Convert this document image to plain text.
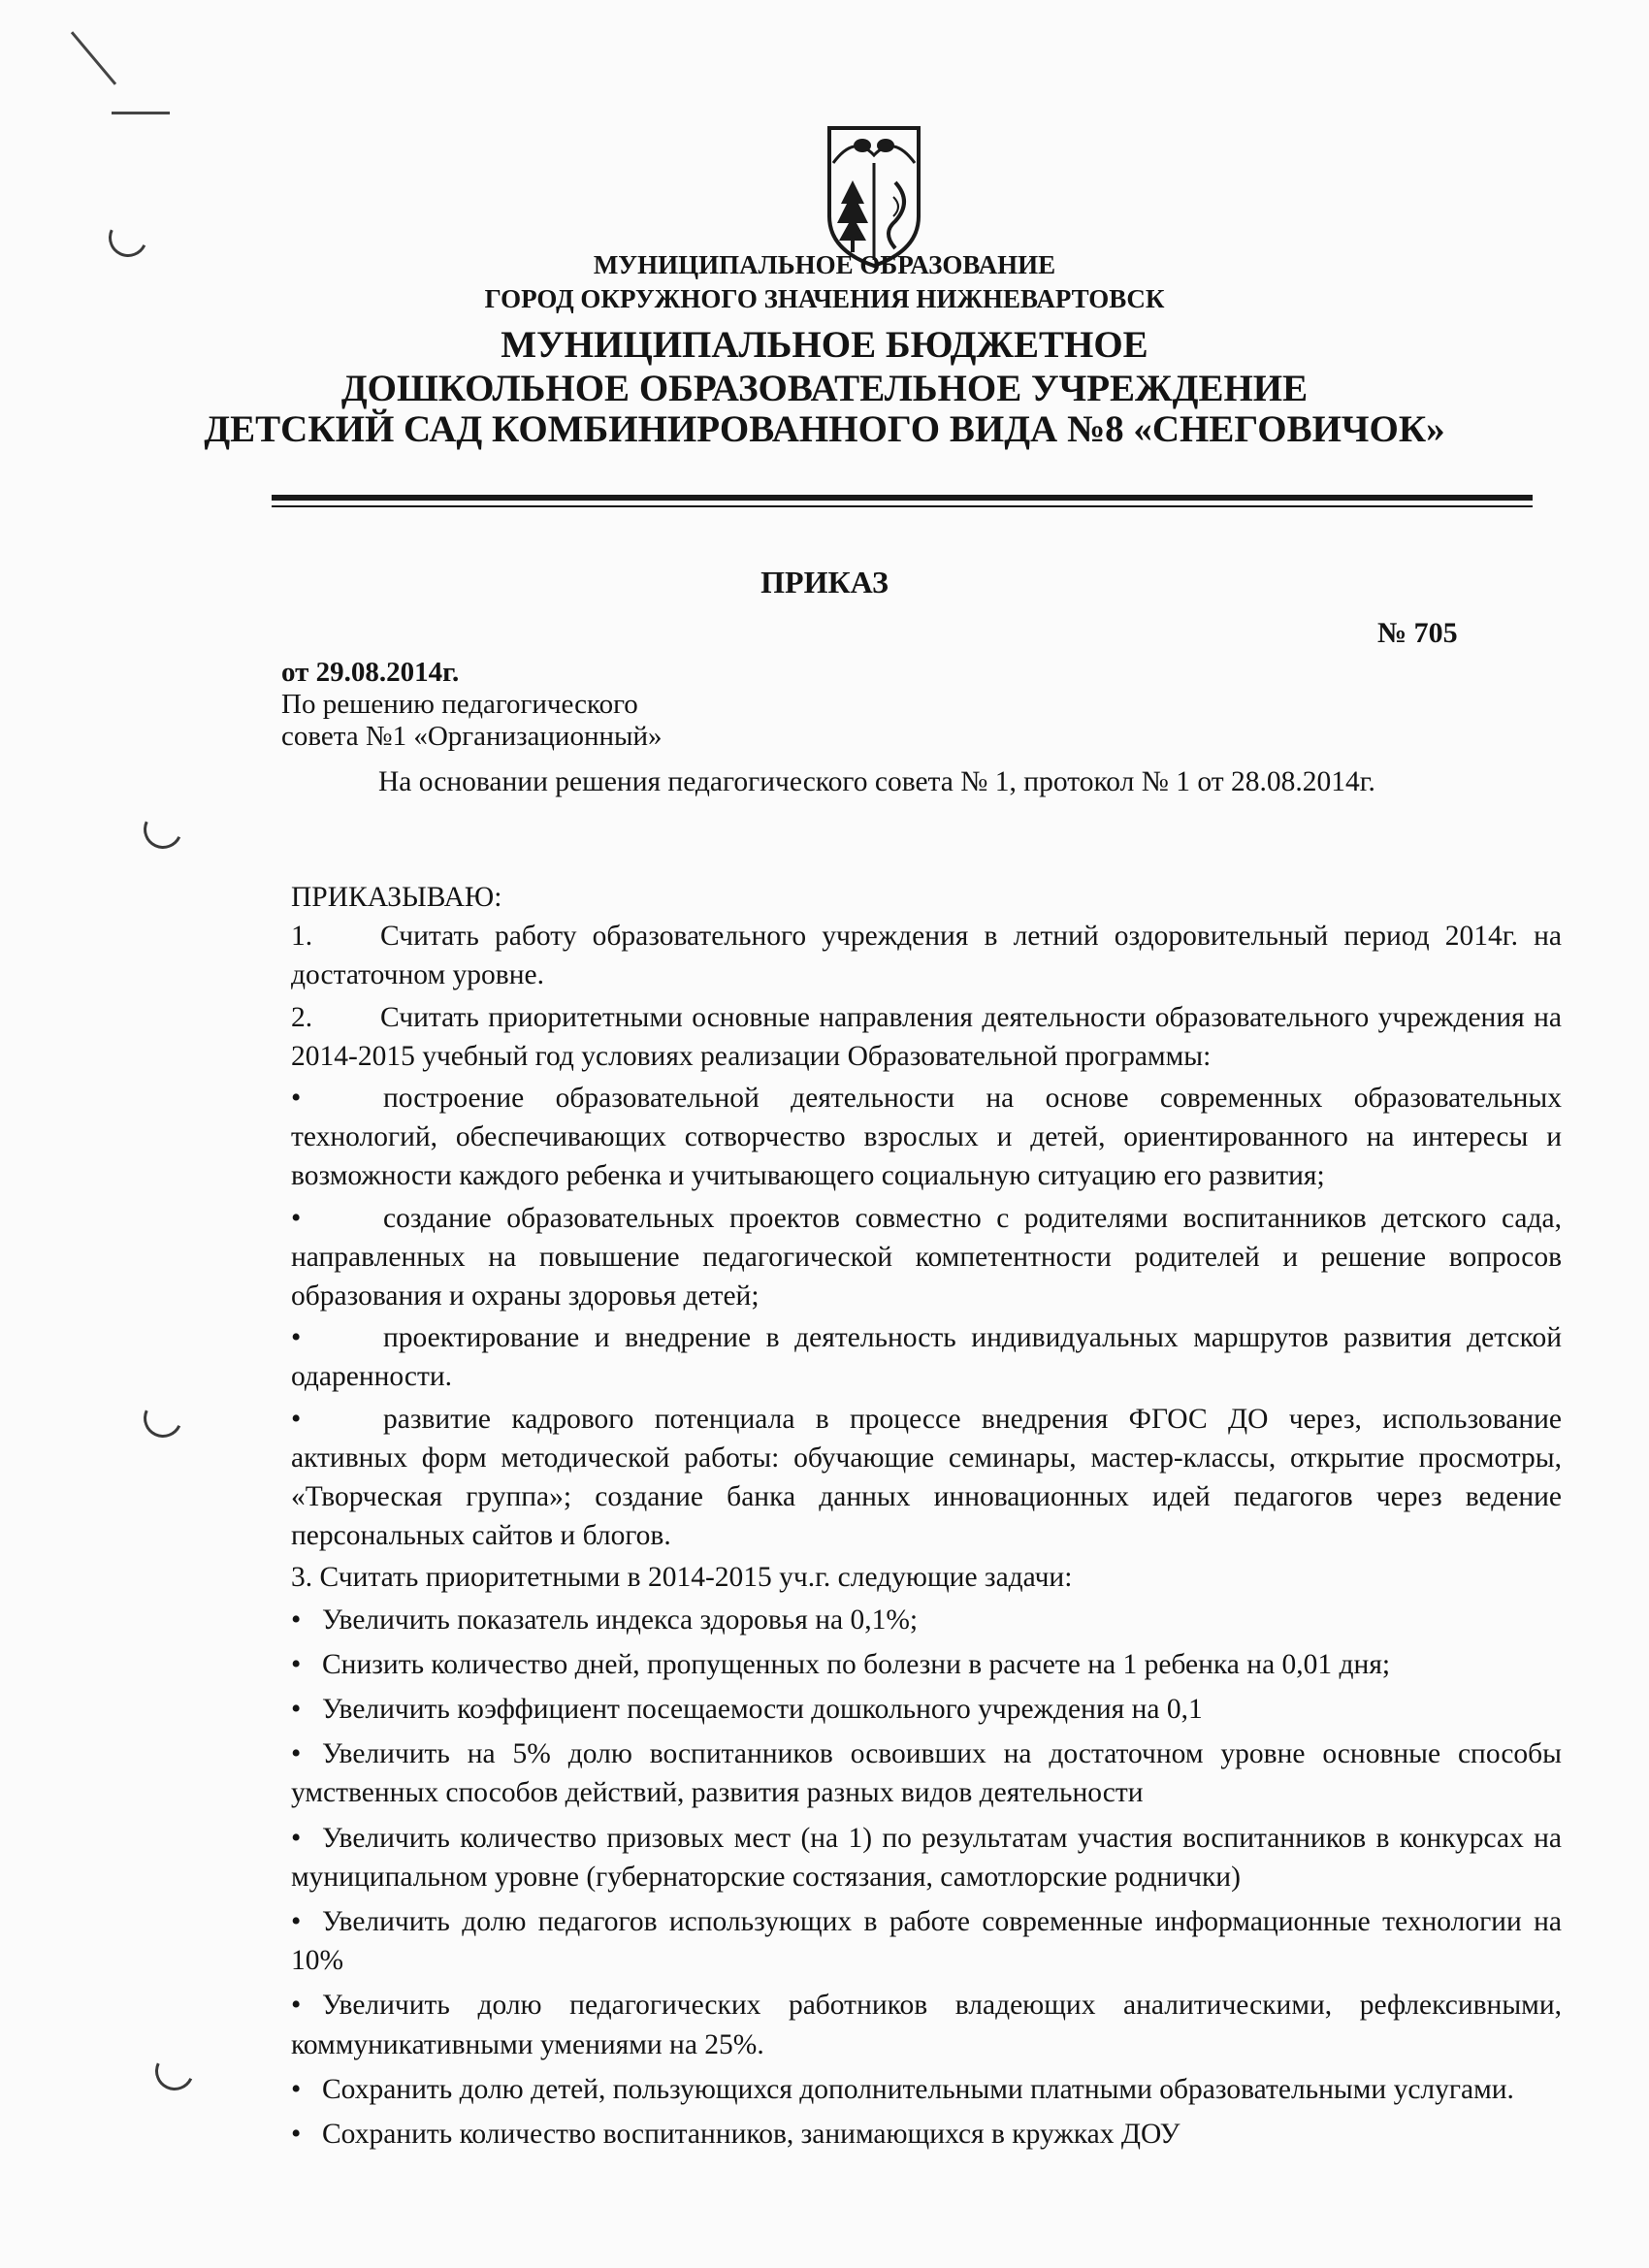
МУНИЦИПАЛЬНОЕ ОБРАЗОВАНИЕ
ГОРОД ОКРУЖНОГО ЗНАЧЕНИЯ НИЖНЕВАРТОВСК
МУНИЦИПАЛЬНОЕ БЮДЖЕТНОЕ
ДОШКОЛЬНОЕ ОБРАЗОВАТЕЛЬНОЕ УЧРЕЖДЕНИЕ
ДЕТСКИЙ САД КОМБИНИРОВАННОГО ВИДА №8 «СНЕГОВИЧОК»
ПРИКАЗ
№ 705
от 29.08.2014г.
По решению педагогического
совета №1 «Организационный»
На основании решения педагогического совета № 1, протокол № 1 от 28.08.2014г.

ПРИКАЗЫВАЮ:

1. Считать работу образовательного учреждения в летний оздоровительный период 2014г. на достаточном уровне.

2. Считать приоритетными основные направления деятельности образовательного учреждения на 2014-2015 учебный год условиях реализации Образовательной программы:

•	построение образовательной деятельности на основе современных образовательных технологий, обеспечивающих сотворчество взрослых и детей, ориентированного на интересы и возможности каждого ребенка и учитывающего социальную ситуацию его развития;

•	создание образовательных проектов совместно с родителями воспитанников детского сада, направленных на повышение педагогической компетентности родителей и решение вопросов образования и охраны здоровья детей;

•	проектирование и внедрение в деятельность индивидуальных маршрутов развития детской одаренности.

•	развитие кадрового потенциала в процессе внедрения ФГОС ДО через, использование активных форм методической работы: обучающие семинары, мастер-классы, открытие просмотры, «Творческая группа»; создание банка данных инновационных идей педагогов через ведение персональных сайтов и блогов.

3. Считать приоритетными в 2014-2015 уч.г. следующие задачи:

• Увеличить показатель индекса здоровья на 0,1%;

• Снизить количество дней, пропущенных по болезни в расчете на 1 ребенка на 0,01 дня;

• Увеличить коэффициент посещаемости дошкольного учреждения на 0,1

• Увеличить на 5% долю воспитанников освоивших на достаточном уровне основные способы умственных способов действий, развития разных видов деятельности

• Увеличить количество призовых мест (на 1) по результатам участия воспитанников в конкурсах на муниципальном уровне (губернаторские состязания, самотлорские роднички)

• Увеличить долю педагогов использующих в работе современные информационные технологии на 10%

• Увеличить долю педагогических работников владеющих аналитическими, рефлексивными, коммуникативными умениями на 25%.

• Сохранить долю детей, пользующихся дополнительными платными образовательными услугами.

• Сохранить количество воспитанников, занимающихся в кружках ДОУ
